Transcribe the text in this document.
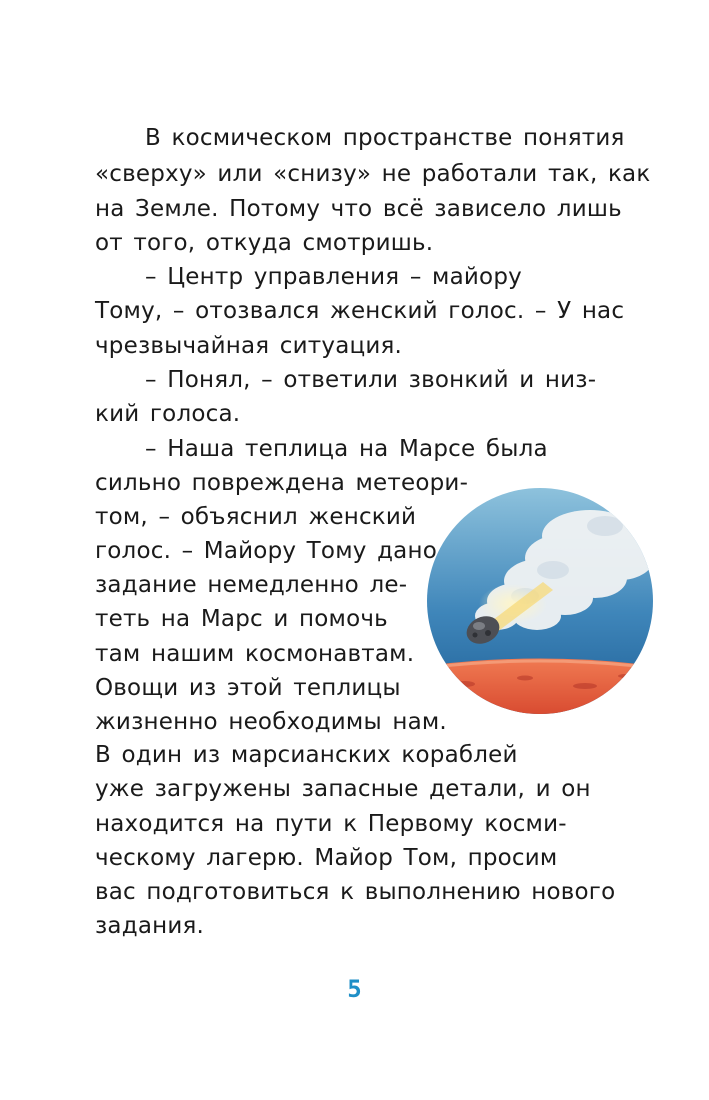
В космическом пространстве понятия
«сверху» или «снизу» не работали так, как
на Земле. Потому что всё зависело лишь
от того, откуда смотришь.
– Центр управления – майору
Тому, – отозвался женский голос. – У нас
чрезвычайная ситуация.
– Понял, – ответили звонкий и низ-
кий голоса.
– Наша теплица на Марсе была
сильно повреждена метеори-
том, – объяснил женский
голос. – Майору Тому дано
задание немедленно ле-
теть на Марс и помочь
там нашим космонавтам.
Овощи из этой теплицы
жизненно необходимы нам.
В один из марсианских кораблей
уже загружены запасные детали, и он
находится на пути к Первому косми-
ческому лагерю. Майор Том, просим
вас подготовиться к выполнению нового
задания.
5
